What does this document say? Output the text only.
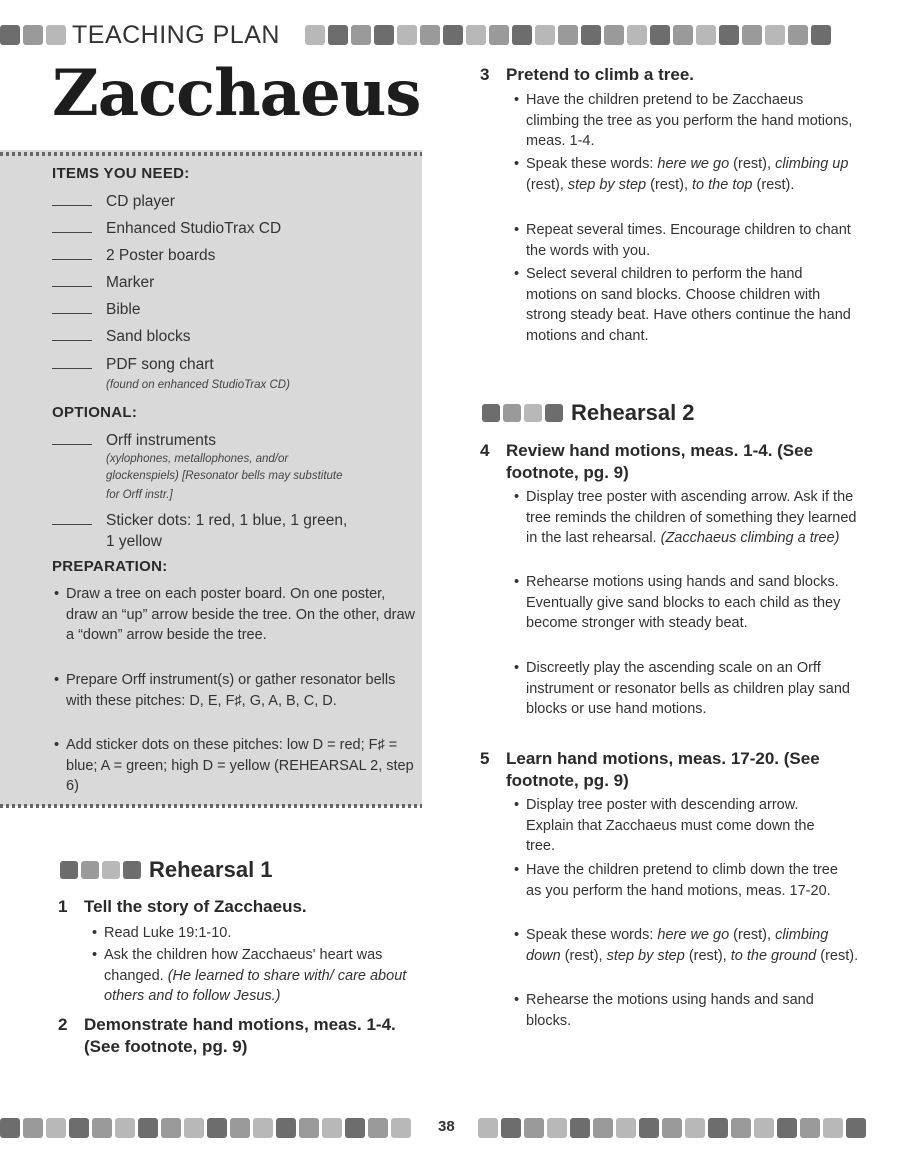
TEACHING PLAN
Zacchaeus
ITEMS YOU NEED:
CD player
Enhanced StudioTrax CD
2 Poster boards
Marker
Bible
Sand blocks
PDF song chart
(found on enhanced StudioTrax CD)
OPTIONAL:
Orff instruments
(xylophones, metallophones, and/or
glockenspiels) [Resonator bells may substitute
for Orff instr.]
Sticker dots: 1 red, 1 blue, 1 green,
1 yellow
PREPARATION:
• Draw a tree on each poster board. On one poster, draw an “up” arrow beside the tree. On the other, draw a “down” arrow beside the tree.
• Prepare Orff instrument(s) or gather resonator bells with these pitches: D, E, F♯, G, A, B, C, D.
• Add sticker dots on these pitches: low D = red; F♯ = blue; A = green; high D = yellow (REHEARSAL 2, step 6)
Rehearsal 1
1 Tell the story of Zacchaeus.
• Read Luke 19:1-10.
• Ask the children how Zacchaeus' heart was changed. (He learned to share with/ care about others and to follow Jesus.)
2 Demonstrate hand motions, meas. 1-4. (See footnote, pg. 9)
3 Pretend to climb a tree.
• Have the children pretend to be Zacchaeus climbing the tree as you perform the hand motions, meas. 1-4.
• Speak these words: here we go (rest), climbing up (rest), step by step (rest), to the top (rest).
• Repeat several times. Encourage children to chant the words with you.
• Select several children to perform the hand motions on sand blocks. Choose children with strong steady beat. Have others continue the hand motions and chant.
Rehearsal 2
4 Review hand motions, meas. 1-4. (See footnote, pg. 9)
• Display tree poster with ascending arrow. Ask if the tree reminds the children of something they learned in the last rehearsal. (Zacchaeus climbing a tree)
• Rehearse motions using hands and sand blocks. Eventually give sand blocks to each child as they become stronger with steady beat.
• Discreetly play the ascending scale on an Orff instrument or resonator bells as children play sand blocks or use hand motions.
5 Learn hand motions, meas. 17-20. (See footnote, pg. 9)
• Display tree poster with descending arrow. Explain that Zacchaeus must come down the tree.
• Have the children pretend to climb down the tree as you perform the hand motions, meas. 17-20.
• Speak these words: here we go (rest), climbing down (rest), step by step (rest), to the ground (rest).
• Rehearse the motions using hands and sand blocks.
38
